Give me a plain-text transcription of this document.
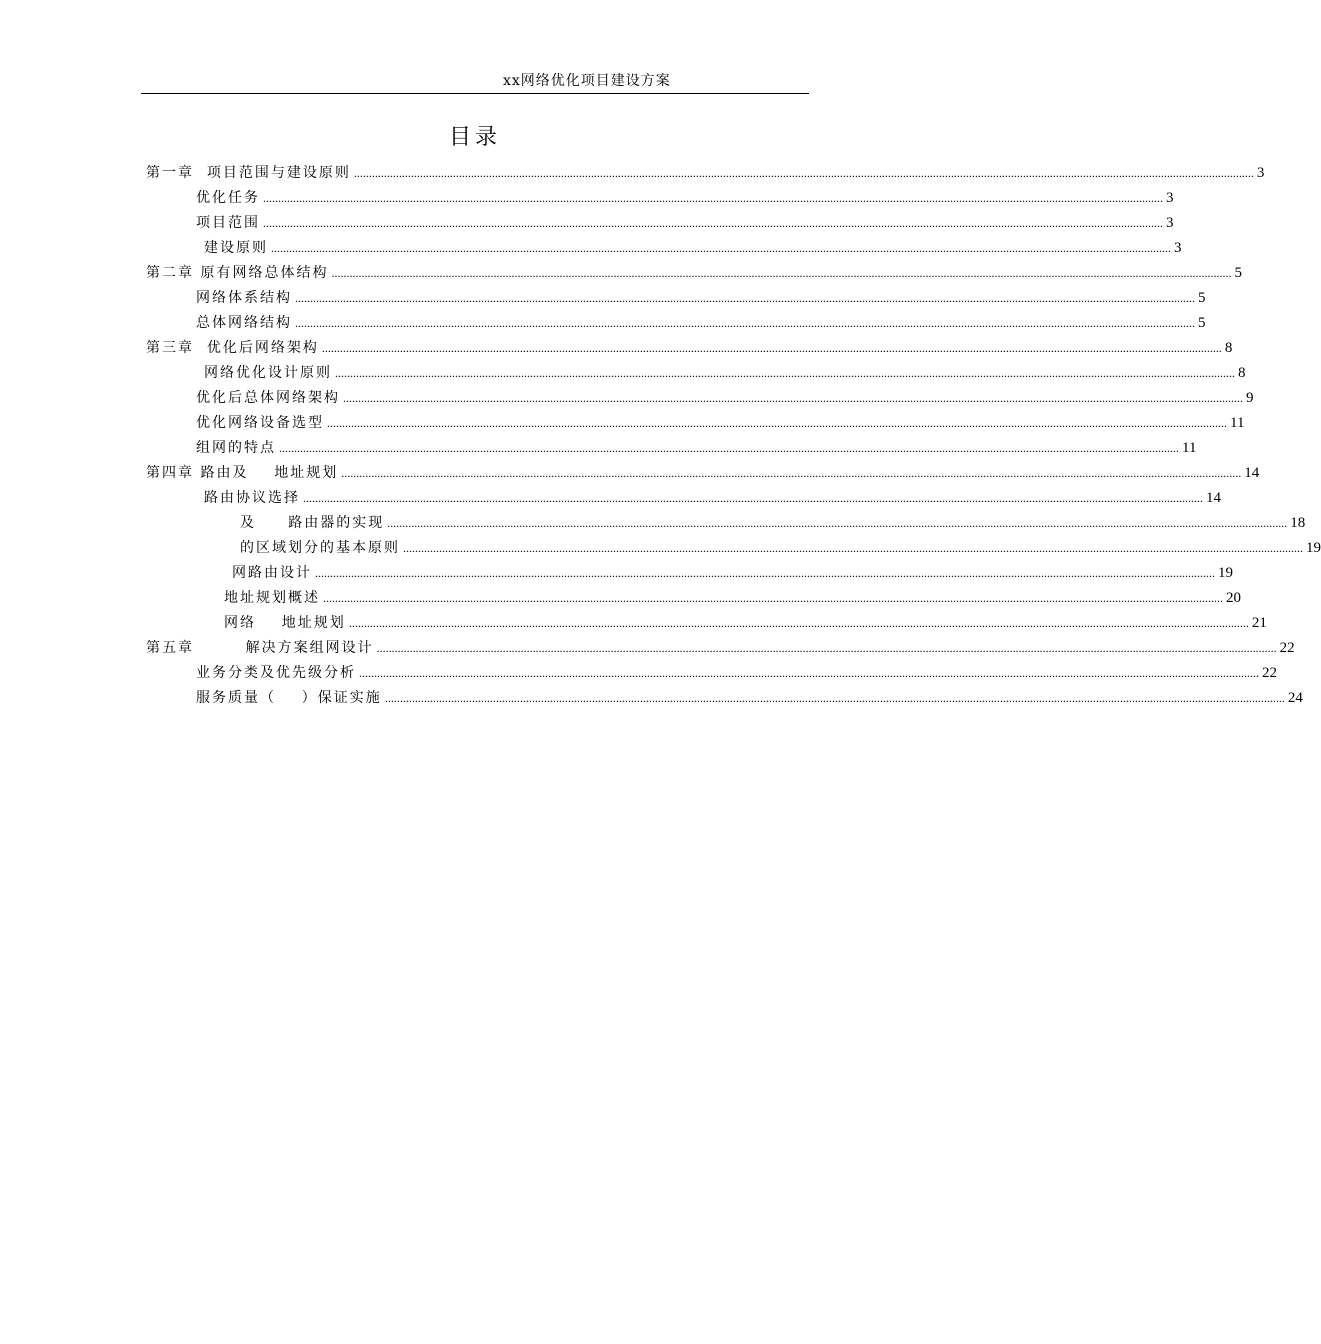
xx网络优化项目建设方案
目录
第一章  项目范围与建设原则 ............................................................................................................................................................................................................................................................................................................ 3
优化任务 ............................................................................................................................................................................................................................................................................................................ 3
项目范围 ............................................................................................................................................................................................................................................................................................................ 3
建设原则 ............................................................................................................................................................................................................................................................................................................ 3
第二章 原有网络总体结构 ............................................................................................................................................................................................................................................................................................................ 5
网络体系结构 ............................................................................................................................................................................................................................................................................................................ 5
总体网络结构 ............................................................................................................................................................................................................................................................................................................ 5
第三章  优化后网络架构 ............................................................................................................................................................................................................................................................................................................ 8
网络优化设计原则 ............................................................................................................................................................................................................................................................................................................ 8
优化后总体网络架构 ............................................................................................................................................................................................................................................................................................................ 9
优化网络设备选型 ............................................................................................................................................................................................................................................................................................................ 11
组网的特点 ............................................................................................................................................................................................................................................................................................................ 11
第四章 路由及    地址规划 ............................................................................................................................................................................................................................................................................................................ 14
路由协议选择 ............................................................................................................................................................................................................................................................................................................ 14
及     路由器的实现 ............................................................................................................................................................................................................................................................................................................ 18
的区域划分的基本原则 ............................................................................................................................................................................................................................................................................................................ 19
网路由设计 ............................................................................................................................................................................................................................................................................................................ 19
地址规划概述 ............................................................................................................................................................................................................................................................................................................ 20
网络    地址规划 ............................................................................................................................................................................................................................................................................................................ 21
第五章        解决方案组网设计 ............................................................................................................................................................................................................................................................................................................ 22
业务分类及优先级分析 ............................................................................................................................................................................................................................................................................................................ 22
服务质量（    ）保证实施 ............................................................................................................................................................................................................................................................................................................ 24
